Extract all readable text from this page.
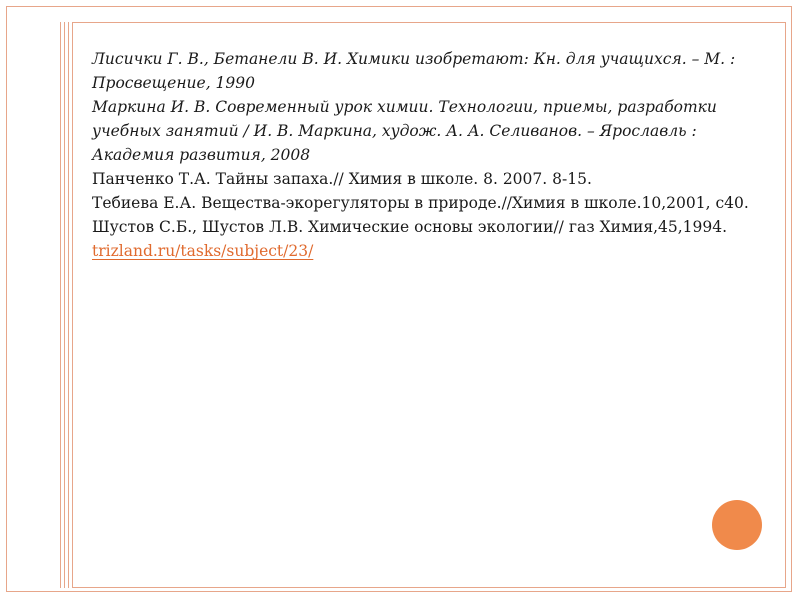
Лисички Г. В., Бетанели В. И. Химики изобретают: Кн. для учащихся. – М. : Просвещение, 1990

Маркина И. В. Современный урок химии. Технологии, приемы, разработки учебных занятий / И. В. Маркина, худож. А. А. Селиванов. – Ярославль : Академия развития, 2008

Панченко Т.А. Тайны запаха.// Химия в школе. 8. 2007. 8-15.

Тебиева Е.А. Вещества-экорегуляторы в природе.//Химия в школе.10,2001, с40.

Шустов С.Б., Шустов Л.В. Химические основы экологии// газ Химия,45,1994.

trizland.ru/tasks/subject/23/
